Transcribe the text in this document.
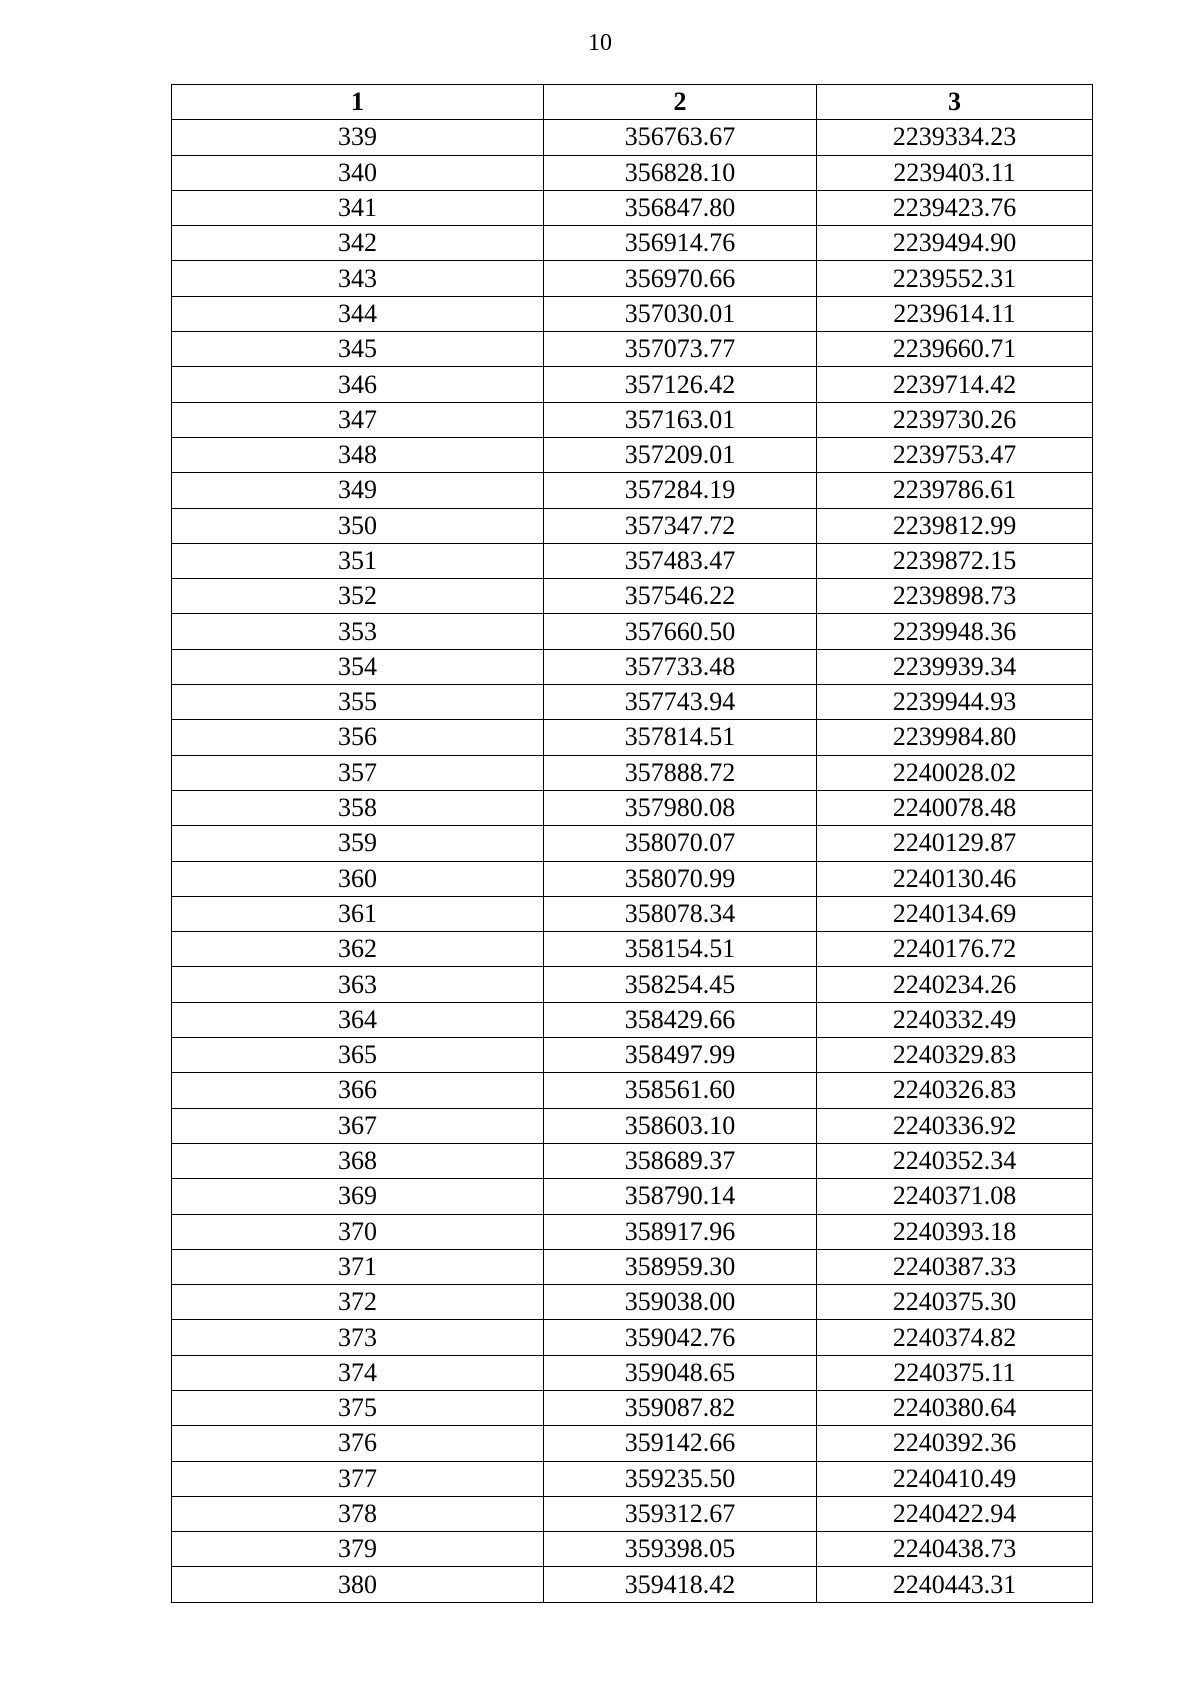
10
1	2	3
339	356763.67	2239334.23
340	356828.10	2239403.11
341	356847.80	2239423.76
342	356914.76	2239494.90
343	356970.66	2239552.31
344	357030.01	2239614.11
345	357073.77	2239660.71
346	357126.42	2239714.42
347	357163.01	2239730.26
348	357209.01	2239753.47
349	357284.19	2239786.61
350	357347.72	2239812.99
351	357483.47	2239872.15
352	357546.22	2239898.73
353	357660.50	2239948.36
354	357733.48	2239939.34
355	357743.94	2239944.93
356	357814.51	2239984.80
357	357888.72	2240028.02
358	357980.08	2240078.48
359	358070.07	2240129.87
360	358070.99	2240130.46
361	358078.34	2240134.69
362	358154.51	2240176.72
363	358254.45	2240234.26
364	358429.66	2240332.49
365	358497.99	2240329.83
366	358561.60	2240326.83
367	358603.10	2240336.92
368	358689.37	2240352.34
369	358790.14	2240371.08
370	358917.96	2240393.18
371	358959.30	2240387.33
372	359038.00	2240375.30
373	359042.76	2240374.82
374	359048.65	2240375.11
375	359087.82	2240380.64
376	359142.66	2240392.36
377	359235.50	2240410.49
378	359312.67	2240422.94
379	359398.05	2240438.73
380	359418.42	2240443.31
